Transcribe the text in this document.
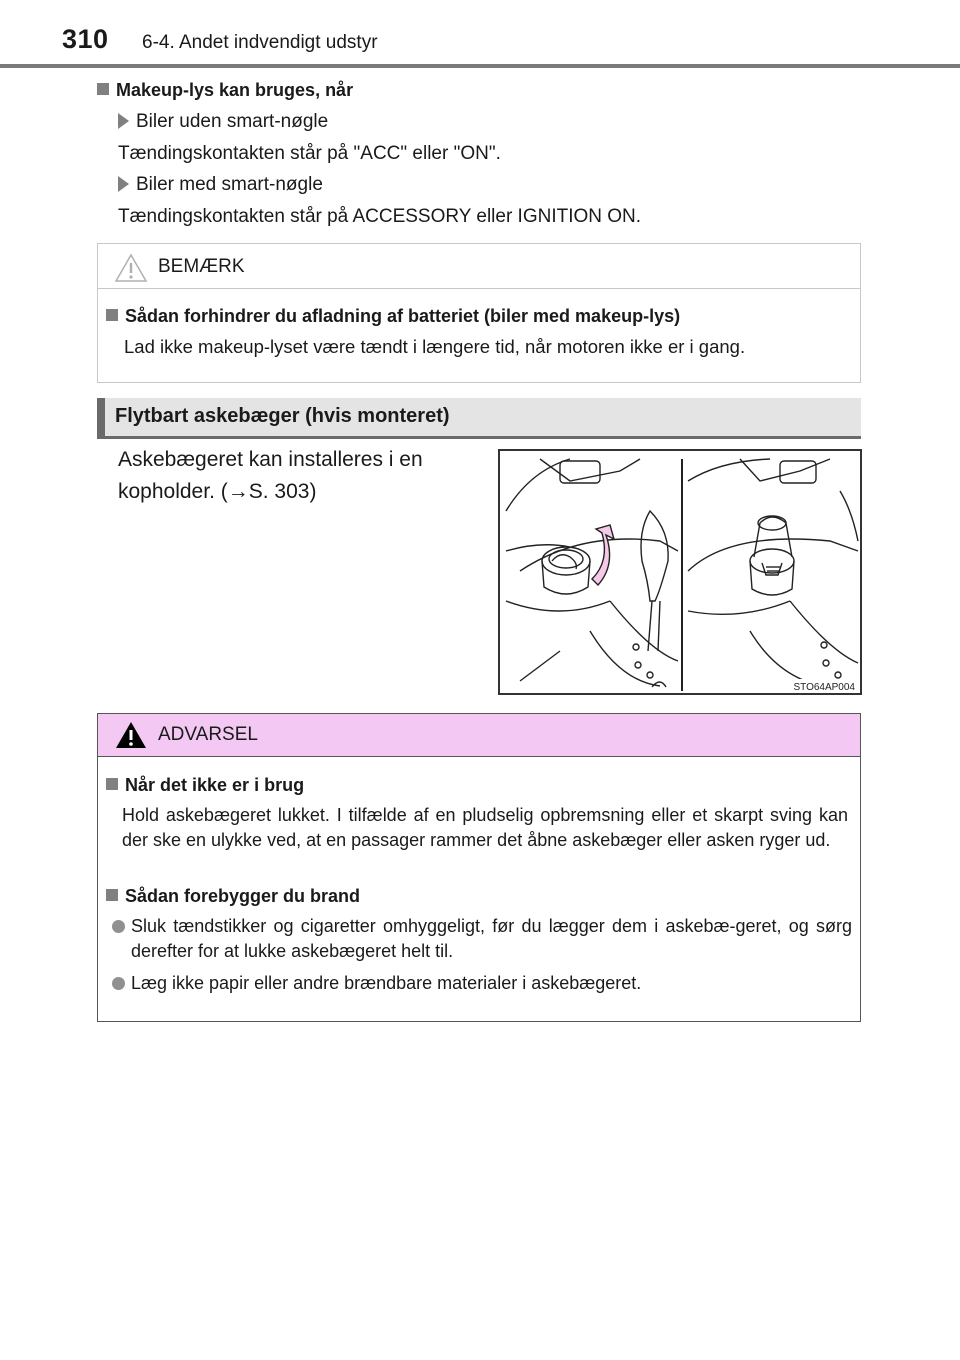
310 6-4. Andet indvendigt udstyr
Makeup-lys kan bruges, når
Biler uden smart-nøgle
Tændingskontakten står på "ACC" eller "ON".
Biler med smart-nøgle
Tændingskontakten står på ACCESSORY eller IGNITION ON.
BEMÆRK
Sådan forhindrer du afladning af batteriet (biler med makeup-lys)
Lad ikke makeup-lyset være tændt i længere tid, når motoren ikke er i gang.
Flytbart askebæger (hvis monteret)
Askebægeret kan installeres i en
kopholder. (→S. 303)
STO64AP004
ADVARSEL
Når det ikke er i brug
Hold askebægeret lukket. I tilfælde af en pludselig opbremsning eller et skarpt sving kan der ske en ulykke ved, at en passager rammer det åbne askebæger eller asken ryger ud.
Sådan forebygger du brand
Sluk tændstikker og cigaretter omhyggeligt, før du lægger dem i askebæ-geret, og sørg derefter for at lukke askebægeret helt til.
Læg ikke papir eller andre brændbare materialer i askebægeret.
